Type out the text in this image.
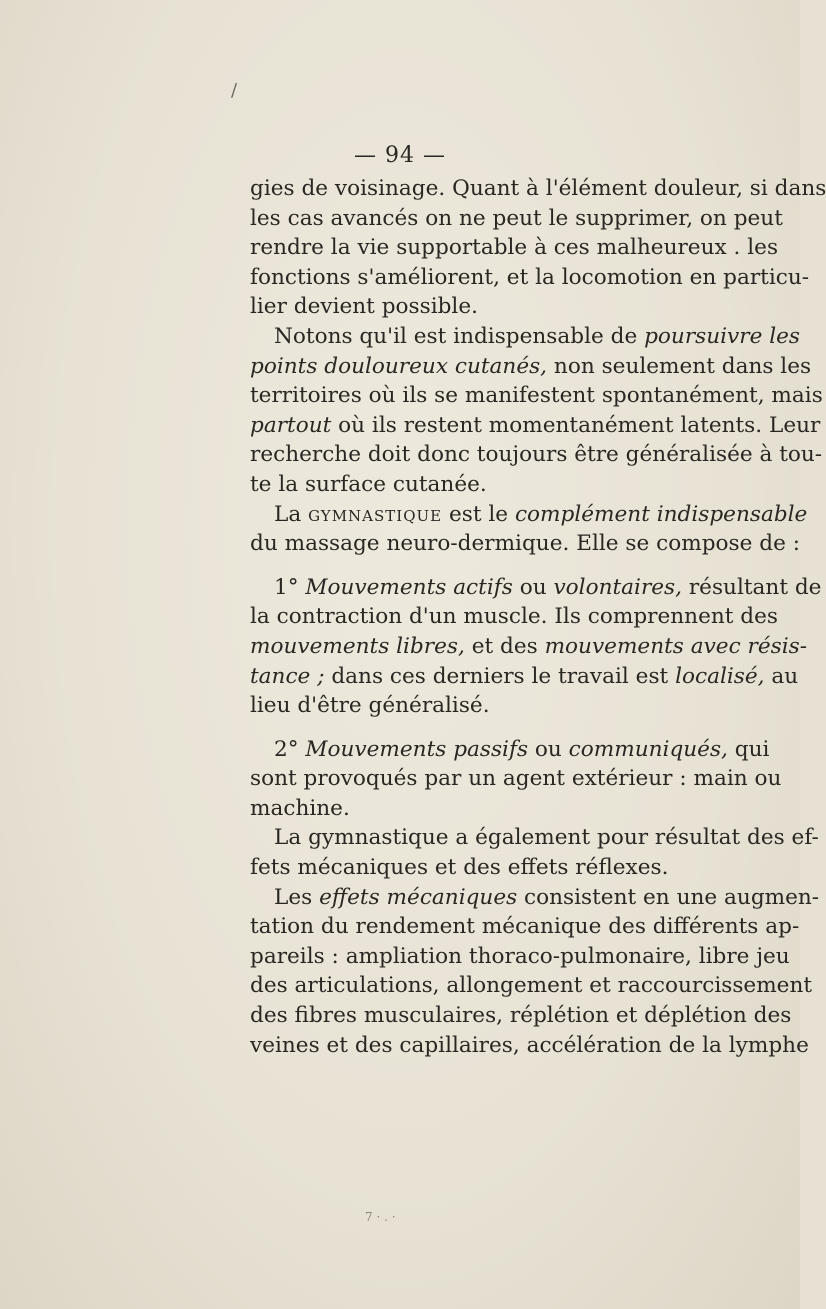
/
— 94 —

gies de voisinage. Quant à l'élément douleur, si dans
les cas avancés on ne peut le supprimer, on peut
rendre la vie supportable à ces malheureux . les
fonctions s'améliorent, et la locomotion en particu-
lier devient possible.

Notons qu'il est indispensable de poursuivre les
points douloureux cutanés, non seulement dans les
territoires où ils se manifestent spontanément, mais
partout où ils restent momentanément latents. Leur
recherche doit donc toujours être généralisée à tou-
te la surface cutanée.

La gymnastique est le complément indispensable
du massage neuro-dermique. Elle se compose de :

1° Mouvements actifs ou volontaires, résultant de
la contraction d'un muscle. Ils comprennent des
mouvements libres, et des mouvements avec résis-
tance ; dans ces derniers le travail est localisé, au
lieu d'être généralisé.

2° Mouvements passifs ou communiqués, qui
sont provoqués par un agent extérieur : main ou
machine.

La gymnastique a également pour résultat des ef-
fets mécaniques et des effets réflexes.

Les effets mécaniques consistent en une augmen-
tation du rendement mécanique des différents ap-
pareils : ampliation thoraco-pulmonaire, libre jeu
des articulations, allongement et raccourcissement
des fibres musculaires, réplétion et déplétion des
veines et des capillaires, accélération de la lymphe

7 · . ·
